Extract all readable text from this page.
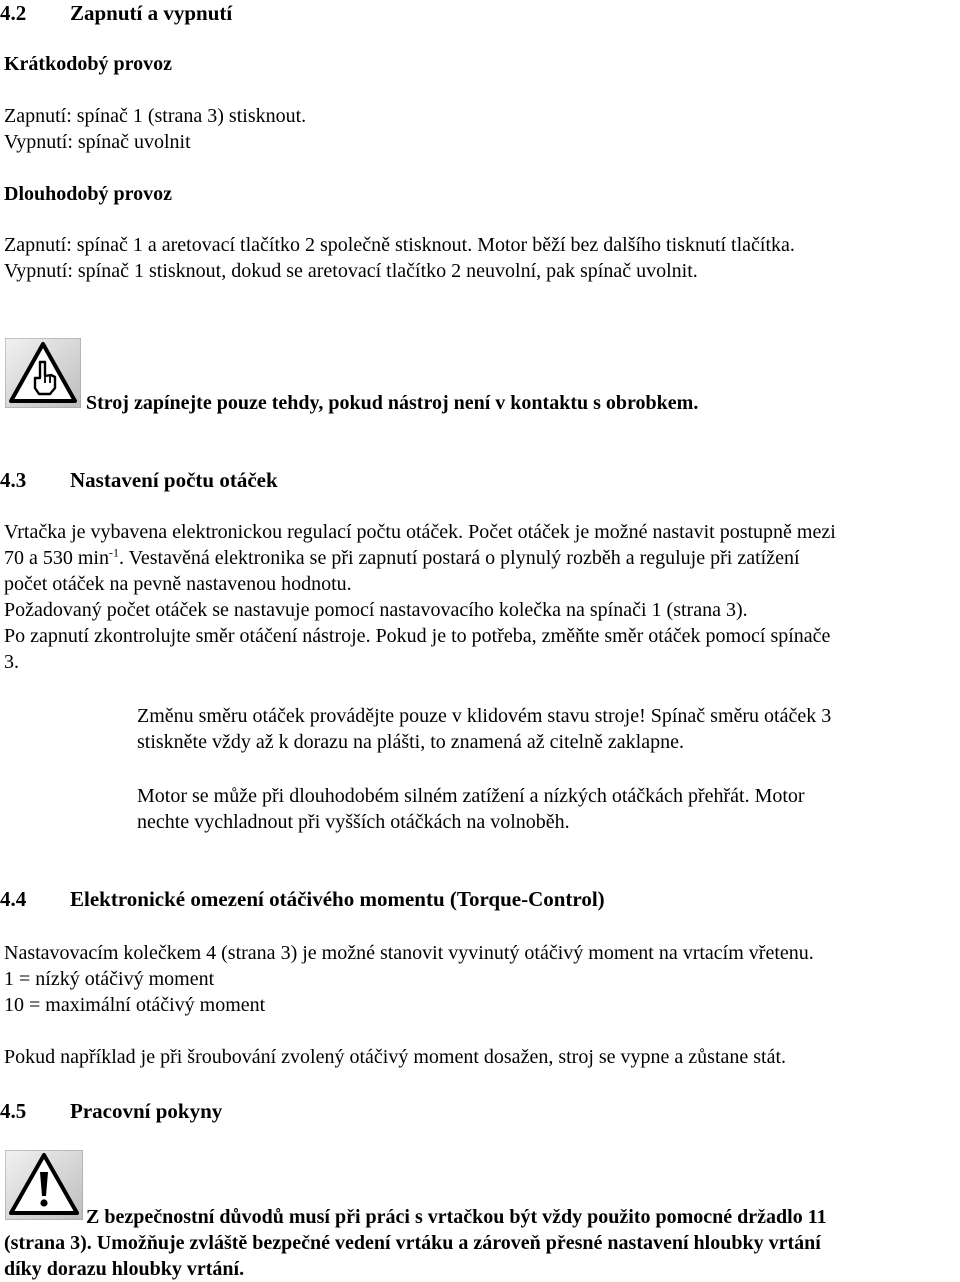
4.2 Zapnutí a vypnutí
Krátkodobý provoz
Zapnutí: spínač 1 (strana 3) stisknout.
Vypnutí: spínač uvolnit
Dlouhodobý provoz
Zapnutí: spínač 1 a aretovací tlačítko 2 společně stisknout. Motor běží bez dalšího tisknutí tlačítka.
Vypnutí: spínač 1 stisknout, dokud se aretovací tlačítko 2 neuvolní, pak spínač uvolnit.
Stroj zapínejte pouze tehdy, pokud nástroj není v kontaktu s obrobkem.
4.3 Nastavení počtu otáček
Vrtačka je vybavena elektronickou regulací počtu otáček. Počet otáček je možné nastavit postupně mezi
70 a 530 $\min^{-1}$. Vestavěná elektronika se při zapnutí postará o plynulý rozběh a reguluje při zatížení
počet otáček na pevně nastavenou hodnotu.
Požadovaný počet otáček se nastavuje pomocí nastavovacího kolečka na spínači 1 (strana 3).
Po zapnutí zkontrolujte směr otáčení nástroje. Pokud je to potřeba, změňte směr otáček pomocí spínače
3.
Změnu směru otáček provádějte pouze v klidovém stavu stroje! Spínač směru otáček 3
stiskněte vždy až k dorazu na plášti, to znamená až citelně zaklapne.
Motor se může při dlouhodobém silném zatížení a nízkých otáčkách přehřát. Motor
nechte vychladnout při vyšších otáčkách na volnoběh.
4.4 Elektronické omezení otáčivého momentu (Torque-Control)
Nastavovacím kolečkem 4 (strana 3) je možné stanovit vyvinutý otáčivý moment na vrtacím vřetenu.
1 = nízký otáčivý moment
10 = maximální otáčivý moment
Pokud například je při šroubování zvolený otáčivý moment dosažen, stroj se vypne a zůstane stát.
4.5 Pracovní pokyny
Z bezpečnostní důvodů musí při práci s vrtačkou být vždy použito pomocné držadlo 11
(strana 3). Umožňuje zvláště bezpečné vedení vrtáku a zároveň přesné nastavení hloubky vrtání
díky dorazu hloubky vrtání.
